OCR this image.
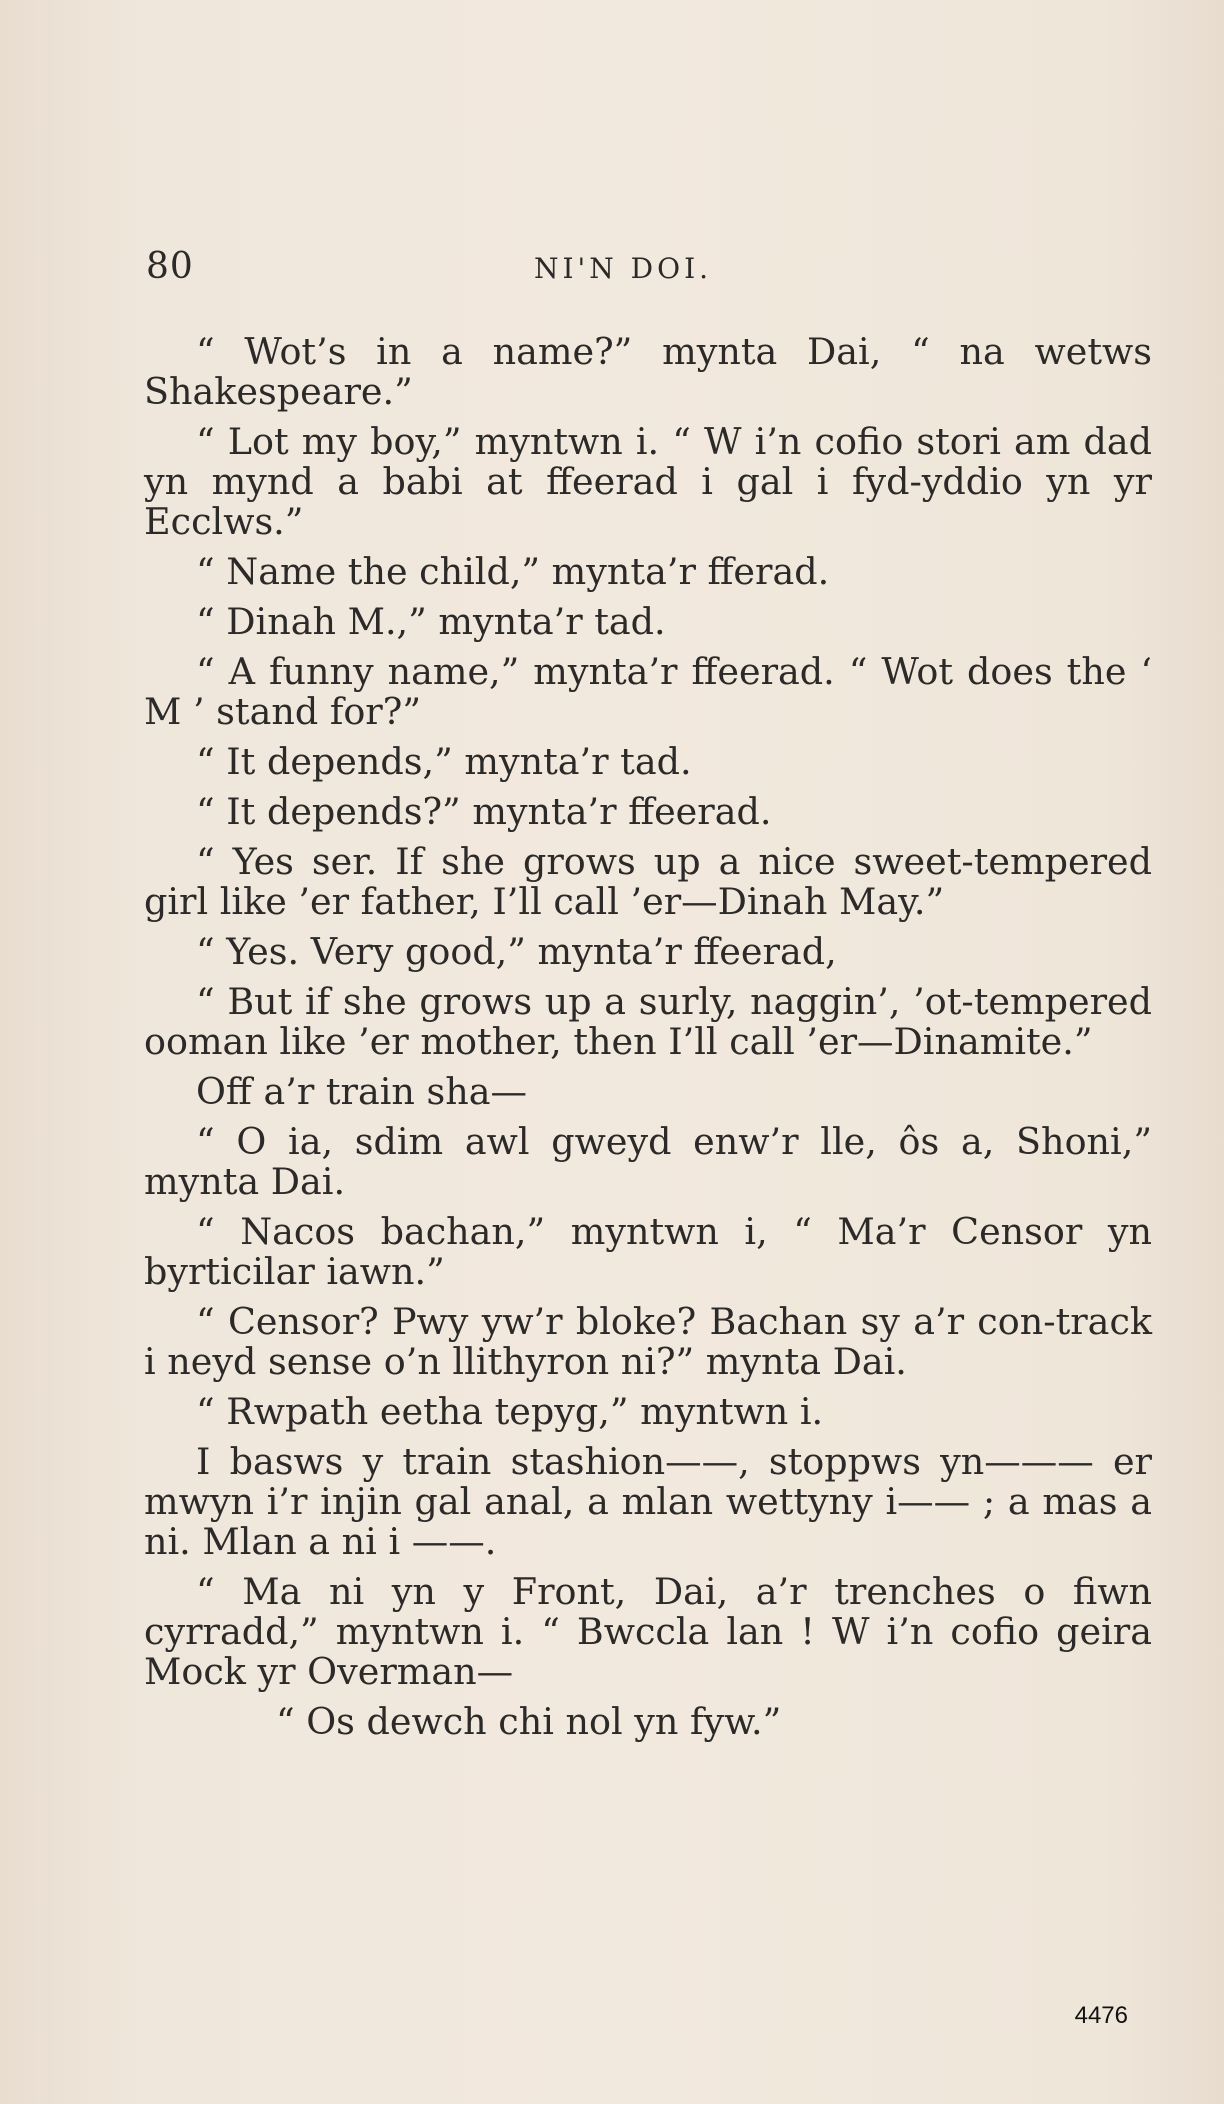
80	NI'N DOI.

“ Wot’s in a name?” mynta Dai, “ na wetws Shakespeare.”

“ Lot my boy,” myntwn i. “ W i’n cofio stori am dad yn mynd a babi at ffeerad i gal i fyd-yddio yn yr Ecclws.”

“ Name the child,” mynta’r fferad.

“ Dinah M.,” mynta’r tad.

“ A funny name,” mynta’r ffeerad. “ Wot does the ‘ M ’ stand for?”

“ It depends,” mynta’r tad.

“ It depends?” mynta’r ffeerad.

“ Yes ser. If she grows up a nice sweet-tempered girl like ’er father, I’ll call ’er—Dinah May.”

“ Yes. Very good,” mynta’r ffeerad,

“ But if she grows up a surly, naggin’, ’ot-tempered ooman like ’er mother, then I’ll call ’er—Dinamite.”

Off a’r train sha—

“ O ia, sdim awl gweyd enw’r lle, ôs a, Shoni,” mynta Dai.

“ Nacos bachan,” myntwn i, “ Ma’r Censor yn byrticilar iawn.”

“ Censor? Pwy yw’r bloke? Bachan sy a’r con-track i neyd sense o’n llithyron ni?” mynta Dai.

“ Rwpath eetha tepyg,” myntwn i.

I basws y train stashion——, stoppws yn——— er mwyn i’r injin gal anal, a mlan wettyny i—— ; a mas a ni. Mlan a ni i ——.

“ Ma ni yn y Front, Dai, a’r trenches o fiwn cyrradd,” myntwn i. “ Bwccla lan ! W i’n cofio geira Mock yr Overman—

“ Os dewch chi nol yn fyw.”

4476
